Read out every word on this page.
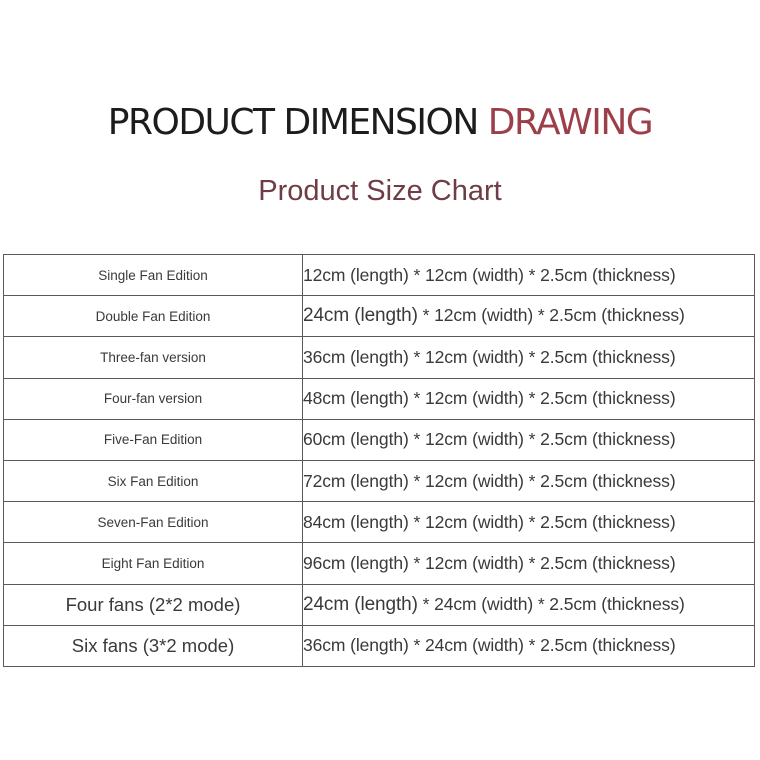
PRODUCT DIMENSION DRAWING
Product Size Chart
Single Fan Edition	12cm (length) * 12cm (width) * 2.5cm (thickness)
Double Fan Edition	24cm (length) * 12cm (width) * 2.5cm (thickness)
Three-fan version	36cm (length) * 12cm (width) * 2.5cm (thickness)
Four-fan version	48cm (length) * 12cm (width) * 2.5cm (thickness)
Five-Fan Edition	60cm (length) * 12cm (width) * 2.5cm (thickness)
Six Fan Edition	72cm (length) * 12cm (width) * 2.5cm (thickness)
Seven-Fan Edition	84cm (length) * 12cm (width) * 2.5cm (thickness)
Eight Fan Edition	96cm (length) * 12cm (width) * 2.5cm (thickness)
Four fans (2*2 mode)	24cm (length) * 24cm (width) * 2.5cm (thickness)
Six fans (3*2 mode)	36cm (length) * 24cm (width) * 2.5cm (thickness)
